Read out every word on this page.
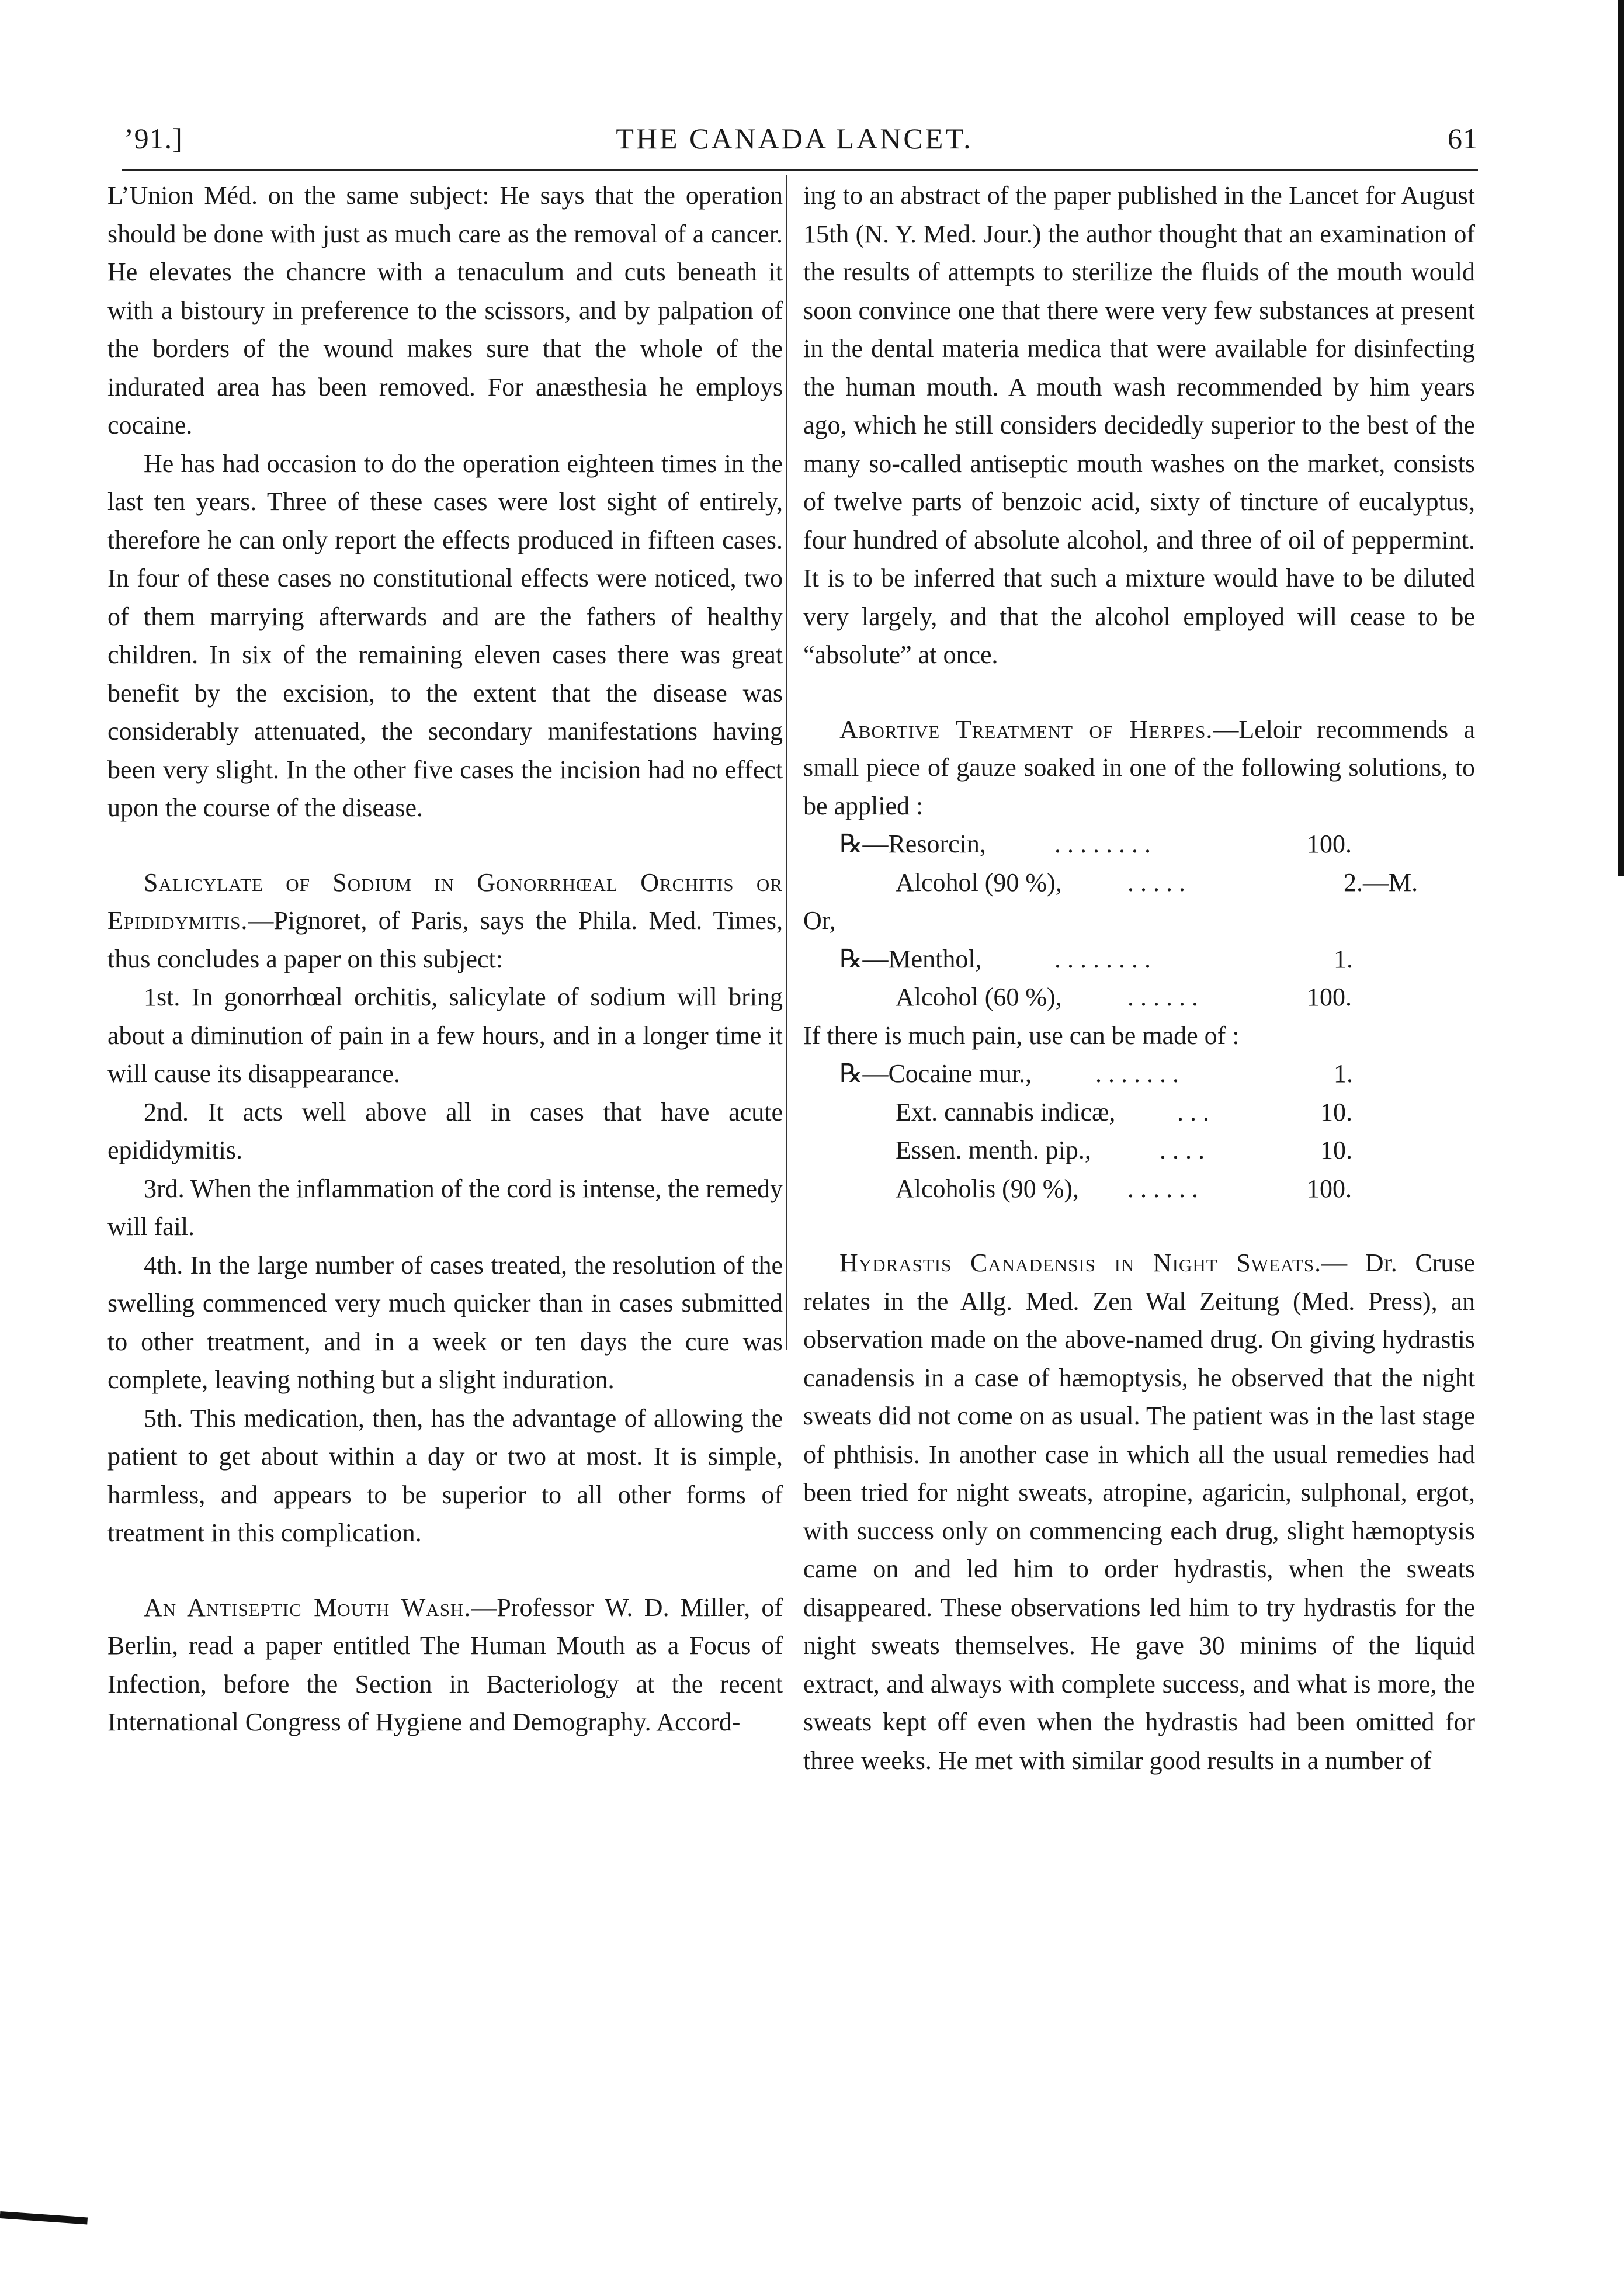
’91.]	THE CANADA LANCET.	61

L’Union Méd. on the same subject: He says that the operation should be done with just as much care as the removal of a cancer. He elevates the chancre with a tenaculum and cuts beneath it with a bistoury in preference to the scissors, and by palpation of the borders of the wound makes sure that the whole of the indurated area has been removed. For anæsthesia he employs cocaine.

He has had occasion to do the operation eighteen times in the last ten years. Three of these cases were lost sight of entirely, therefore he can only report the effects produced in fifteen cases. In four of these cases no constitutional effects were noticed, two of them marrying afterwards and are the fathers of healthy children. In six of the remaining eleven cases there was great benefit by the excision, to the extent that the disease was considerably attenuated, the secondary manifestations having been very slight. In the other five cases the incision had no effect upon the course of the disease.

Salicylate of Sodium in Gonorrhœal Orchitis or Epididymitis.—Pignoret, of Paris, says the Phila. Med. Times, thus concludes a paper on this subject:

1st. In gonorrhœal orchitis, salicylate of sodium will bring about a diminution of pain in a few hours, and in a longer time it will cause its disappearance.

2nd. It acts well above all in cases that have acute epididymitis.

3rd. When the inflammation of the cord is intense, the remedy will fail.

4th. In the large number of cases treated, the resolution of the swelling commenced very much quicker than in cases submitted to other treatment, and in a week or ten days the cure was complete, leaving nothing but a slight induration.

5th. This medication, then, has the advantage of allowing the patient to get about within a day or two at most. It is simple, harmless, and appears to be superior to all other forms of treatment in this complication.

An Antiseptic Mouth Wash.—Professor W. D. Miller, of Berlin, read a paper entitled The Human Mouth as a Focus of Infection, before the Section in Bacteriology at the recent International Congress of Hygiene and Demography. Accord-

ing to an abstract of the paper published in the Lancet for August 15th (N. Y. Med. Jour.) the author thought that an examination of the results of attempts to sterilize the fluids of the mouth would soon convince one that there were very few substances at present in the dental materia medica that were available for disinfecting the human mouth. A mouth wash recommended by him years ago, which he still considers decidedly superior to the best of the many so-called antiseptic mouth washes on the market, consists of twelve parts of benzoic acid, sixty of tincture of eucalyptus, four hundred of absolute alcohol, and three of oil of peppermint. It is to be inferred that such a mixture would have to be diluted very largely, and that the alcohol employed will cease to be “absolute” at once.

Abortive Treatment of Herpes.—Leloir recommends a small piece of gauze soaked in one of the following solutions, to be applied :

℞—Resorcin,	. . . . . . . .	100.
Alcohol (90 %),	. . . . .	2.—M.
Or,
℞—Menthol,	. . . . . . . .	1.
Alcohol (60 %),	. . . . . .	100.
If there is much pain, use can be made of :
℞—Cocaine mur., . . . . . . .	1.
Ext. cannabis indicæ, . . .	10.
Essen. menth. pip.,	. . . .	10.
Alcoholis (90 %), . . . . . .	100.

Hydrastis Canadensis in Night Sweats.— Dr. Cruse relates in the Allg. Med. Zen Wal Zeitung (Med. Press), an observation made on the above-named drug. On giving hydrastis canadensis in a case of hæmoptysis, he observed that the night sweats did not come on as usual. The patient was in the last stage of phthisis. In another case in which all the usual remedies had been tried for night sweats, atropine, agaricin, sulphonal, ergot, with success only on commencing each drug, slight hæmoptysis came on and led him to order hydrastis, when the sweats disappeared. These observations led him to try hydrastis for the night sweats themselves. He gave 30 minims of the liquid extract, and always with complete success, and what is more, the sweats kept off even when the hydrastis had been omitted for three weeks. He met with similar good results in a number of
